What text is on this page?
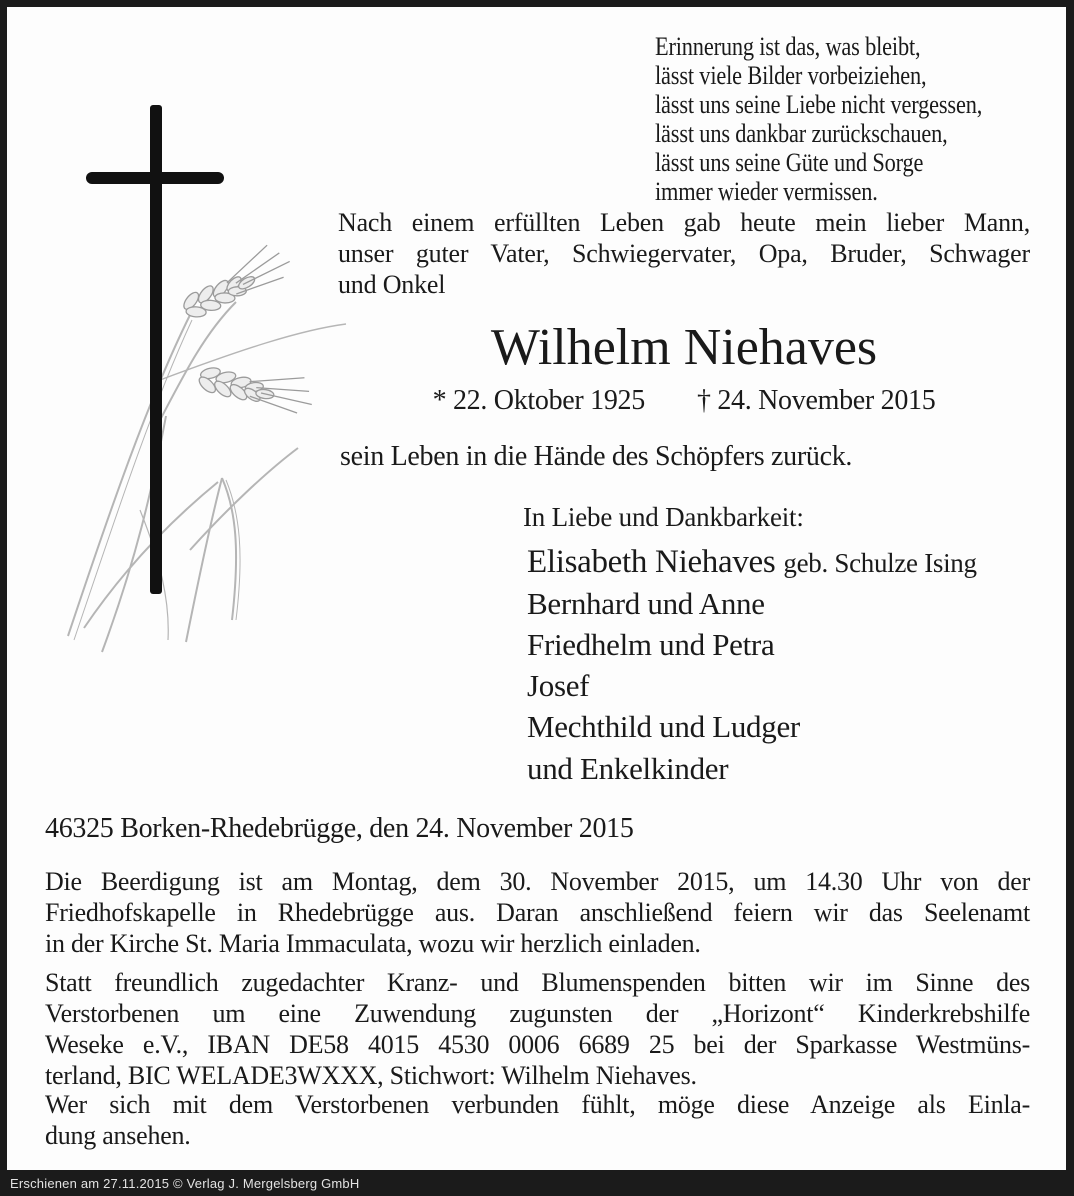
Erinnerung ist das, was bleibt,
lässt viele Bilder vorbeiziehen,
lässt uns seine Liebe nicht vergessen,
lässt uns dankbar zurückschauen,
lässt uns seine Güte und Sorge
immer wieder vermissen.
Nach einem erfüllten Leben gab heute mein lieber Mann,
unser guter Vater, Schwiegervater, Opa, Bruder, Schwager
und Onkel
Wilhelm Niehaves
* 22. Oktober 1925 † 24. November 2015
sein Leben in die Hände des Schöpfers zurück.
In Liebe und Dankbarkeit:
Elisabeth Niehaves geb. Schulze Ising
Bernhard und Anne
Friedhelm und Petra
Josef
Mechthild und Ludger
und Enkelkinder
46325 Borken-Rhedebrügge, den 24. November 2015
Die Beerdigung ist am Montag, dem 30. November 2015, um 14.30 Uhr von der
Friedhofskapelle in Rhedebrügge aus. Daran anschließend feiern wir das Seelenamt
in der Kirche St. Maria Immaculata, wozu wir herzlich einladen.
Statt freundlich zugedachter Kranz- und Blumenspenden bitten wir im Sinne des
Verstorbenen um eine Zuwendung zugunsten der „Horizont“ Kinderkrebshilfe
Weseke e.V., IBAN DE58 4015 4530 0006 6689 25 bei der Sparkasse Westmüns-
terland, BIC WELADE3WXXX, Stichwort: Wilhelm Niehaves.
Wer sich mit dem Verstorbenen verbunden fühlt, möge diese Anzeige als Einla-
dung ansehen.
Erschienen am 27.11.2015 © Verlag J. Mergelsberg GmbH
